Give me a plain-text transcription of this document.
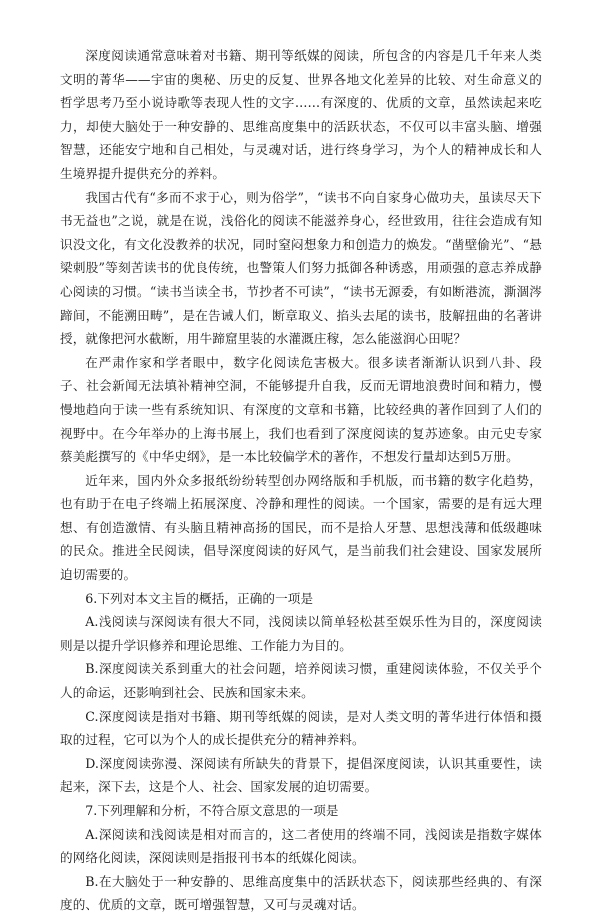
深度阅读通常意味着对书籍、期刊等纸媒的阅读，所包含的内容是几千年来人类文明的菁华——宇宙的奥秘、历史的反复、世界各地文化差异的比较、对生命意义的哲学思考乃至小说诗歌等表现人性的文字……有深度的、优质的文章，虽然读起来吃力，却使大脑处于一种安静的、思维高度集中的活跃状态，不仅可以丰富头脑、增强智慧，还能安宁地和自己相处，与灵魂对话，进行终身学习，为个人的精神成长和人生境界提升提供充分的养料。

我国古代有“多而不求于心，则为俗学”，“读书不向自家身心做功夫，虽读尽天下书无益也”之说，就是在说，浅俗化的阅读不能滋养身心，经世致用，往往会造成有知识没文化，有文化没教养的状况，同时窒闷想象力和创造力的焕发。“凿壁偷光”、“悬梁刺股”等刻苦读书的优良传统，也警策人们努力抵御各种诱惑，用顽强的意志养成静心阅读的习惯。“读书当读全书，节抄者不可读”，“读书无源委，有如断港流，澌涸涔蹄间，不能溯田畴”，是在告诫人们，断章取义、掐头去尾的读书，肢解扭曲的名著讲授，就像把河水截断，用牛蹄窟里装的水灌溉庄稼，怎么能滋润心田呢？

在严肃作家和学者眼中，数字化阅读危害极大。很多读者渐渐认识到八卦、段子、社会新闻无法填补精神空洞，不能够提升自我，反而无谓地浪费时间和精力，慢慢地趋向于读一些有系统知识、有深度的文章和书籍，比较经典的著作回到了人们的视野中。在今年举办的上海书展上，我们也看到了深度阅读的复苏迹象。由元史专家蔡美彪撰写的《中华史纲》，是一本比较偏学术的著作，不想发行量却达到5万册。

近年来，国内外众多报纸纷纷转型创办网络版和手机版，而书籍的数字化趋势，也有助于在电子终端上拓展深度、冷静和理性的阅读。一个国家，需要的是有远大理想、有创造激情、有头脑且精神高扬的国民，而不是拾人牙慧、思想浅薄和低级趣味的民众。推进全民阅读，倡导深度阅读的好风气，是当前我们社会建设、国家发展所迫切需要的。

6.下列对本文主旨的概括，正确的一项是

A.浅阅读与深阅读有很大不同，浅阅读以简单轻松甚至娱乐性为目的，深度阅读则是以提升学识修养和理论思维、工作能力为目的。

B.深度阅读关系到重大的社会问题，培养阅读习惯，重建阅读体验，不仅关乎个人的命运，还影响到社会、民族和国家未来。

C.深度阅读是指对书籍、期刊等纸媒的阅读，是对人类文明的菁华进行体悟和摄取的过程，它可以为个人的成长提供充分的精神养料。

D.深度阅读弥漫、深阅读有所缺失的背景下，提倡深度阅读，认识其重要性，读起来，深下去，这是个人、社会、国家发展的迫切需要。

7.下列理解和分析，不符合原文意思的一项是

A.深阅读和浅阅读是相对而言的，这二者使用的终端不同，浅阅读是指数字媒体的网络化阅读，深阅读则是指报刊书本的纸媒化阅读。

B.在大脑处于一种安静的、思维高度集中的活跃状态下，阅读那些经典的、有深度的、优质的文章，既可增强智慧，又可与灵魂对话。
